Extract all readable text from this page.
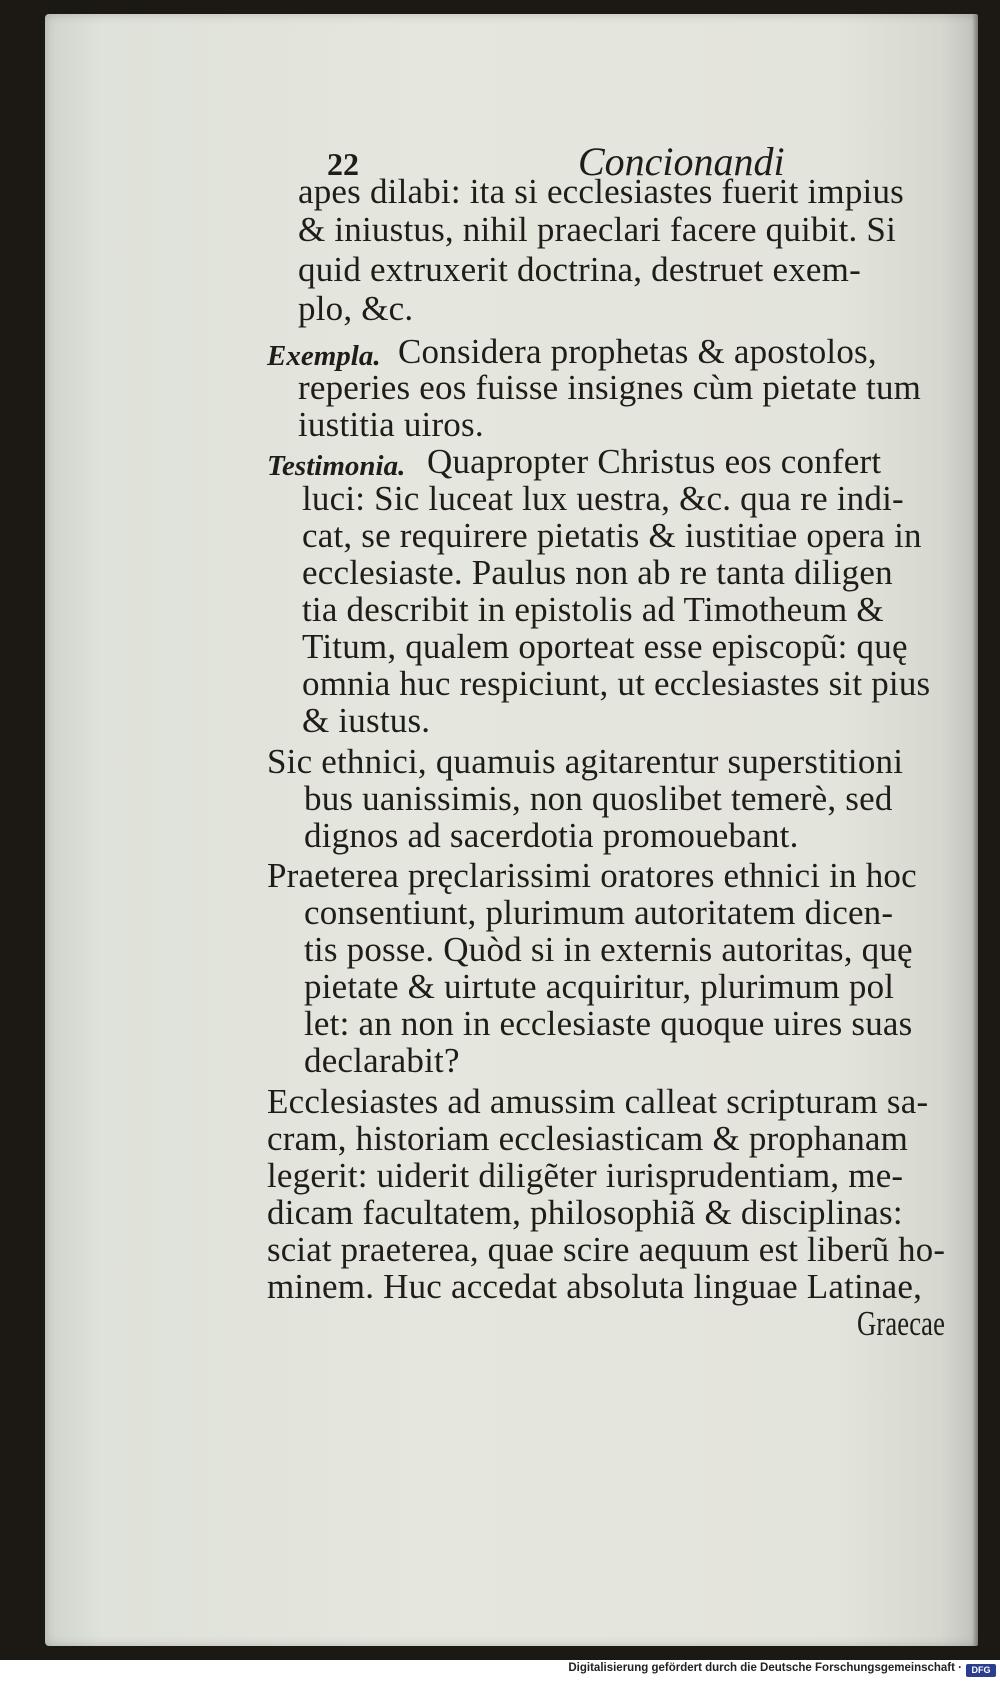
22	Concionandi

Exempla.

Testimonia.

apes dilabi: ita si ecclesiastes fuerit impius

& iniustus, nihil praeclari facere quibit. Si

quid extruxerit doctrina, destruet exem-

plo, &c.

Considera prophetas & apostolos,

reperies eos fuisse insignes cùm pietate tum

iustitia uiros.

Quapropter Christus eos confert

luci: Sic luceat lux uestra, &c. qua re indi-

cat, se requirere pietatis & iustitiae opera in

ecclesiaste. Paulus non ab re tanta diligen

tia describit in epistolis ad Timotheum &

Titum, qualem oporteat esse episcopũ: quę

omnia huc respiciunt, ut ecclesiastes sit pius

& iustus.

Sic ethnici, quamuis agitarentur superstitioni

bus uanissimis, non quoslibet temerè, sed

dignos ad sacerdotia promouebant.

Praeterea pręclarissimi oratores ethnici in hoc

consentiunt, plurimum autoritatem dicen-

tis posse. Quòd si in externis autoritas, quę

pietate & uirtute acquiritur, plurimum pol

let: an non in ecclesiaste quoque uires suas

declarabit?

Ecclesiastes ad amussim calleat scripturam sa-

cram, historiam ecclesiasticam & prophanam

legerit: uiderit diligẽter iurisprudentiam, me-

dicam facultatem, philosophiã & disciplinas:

sciat praeterea, quae scire aequum est liberũ ho-

minem. Huc accedat absoluta linguae Latinae,

Graecae

Digitalisierung gefördert durch die Deutsche Forschungsgemeinschaft ·	DFG
